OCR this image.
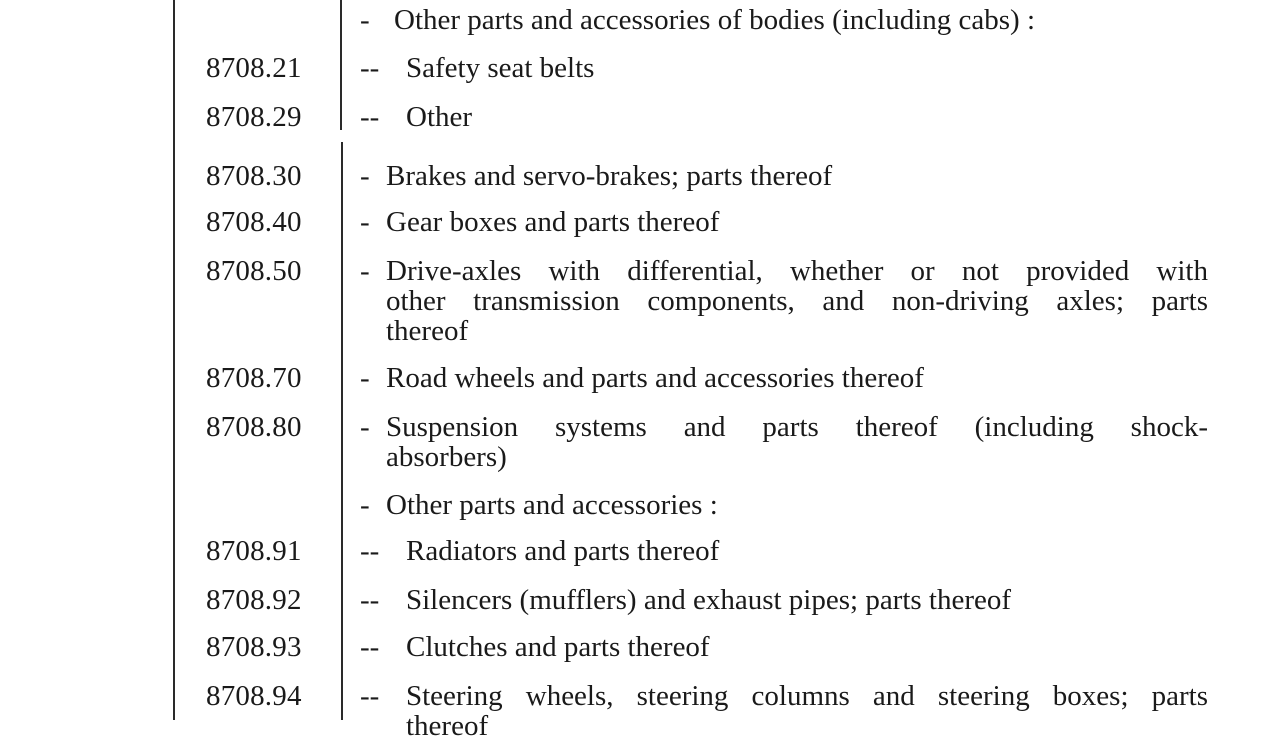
- Other parts and accessories of bodies (including cabs) :
8708.21 -- Safety seat belts
8708.29 -- Other
8708.30 - Brakes and servo-brakes; parts thereof
8708.40 - Gear boxes and parts thereof
8708.50 - Drive-axles with differential, whether or not provided with
other transmission components, and non-driving axles; parts
thereof
8708.70 - Road wheels and parts and accessories thereof
8708.80 - Suspension systems and parts thereof (including shock-
absorbers)
- Other parts and accessories :
8708.91 -- Radiators and parts thereof
8708.92 -- Silencers (mufflers) and exhaust pipes; parts thereof
8708.93 -- Clutches and parts thereof
8708.94 -- Steering wheels, steering columns and steering boxes; parts
thereof
